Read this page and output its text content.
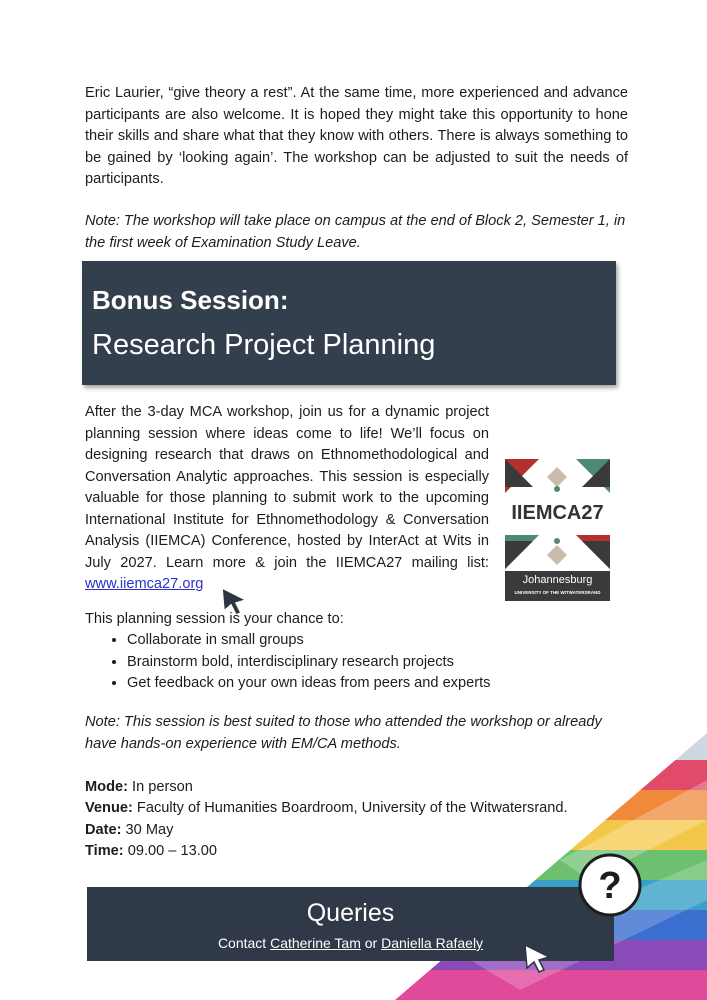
Eric Laurier, “give theory a rest”. At the same time, more experienced and advance participants are also welcome. It is hoped they might take this opportunity to hone their skills and share what that they know with others. There is always something to be gained by ‘looking again’. The workshop can be adjusted to suit the needs of participants.
Note: The workshop will take place on campus at the end of Block 2, Semester 1, in the first week of Examination Study Leave.
Bonus Session:
Research Project Planning
After the 3-day MCA workshop, join us for a dynamic project planning session where ideas come to life! We’ll focus on designing research that draws on Ethnomethodological and Conversation Analytic approaches. This session is especially valuable for those planning to submit work to the upcoming International Institute for Ethnomethodology & Conversation Analysis (IIEMCA) Conference, hosted by InterAct at Wits in July 2027. Learn more & join the IIEMCA27 mailing list: www.iiemca27.org
IIEMCA27
Johannesburg
UNIVERSITY OF THE WITWATERSRAND
This planning session is your chance to:
• Collaborate in small groups
• Brainstorm bold, interdisciplinary research projects
• Get feedback on your own ideas from peers and experts
Note: This session is best suited to those who attended the workshop or already have hands-on experience with EM/CA methods.
Mode: In person
Venue: Faculty of Humanities Boardroom, University of the Witwatersrand.
Date: 30 May
Time: 09.00 – 13.00
Queries
Contact Catherine Tam or Daniella Rafaely
?
